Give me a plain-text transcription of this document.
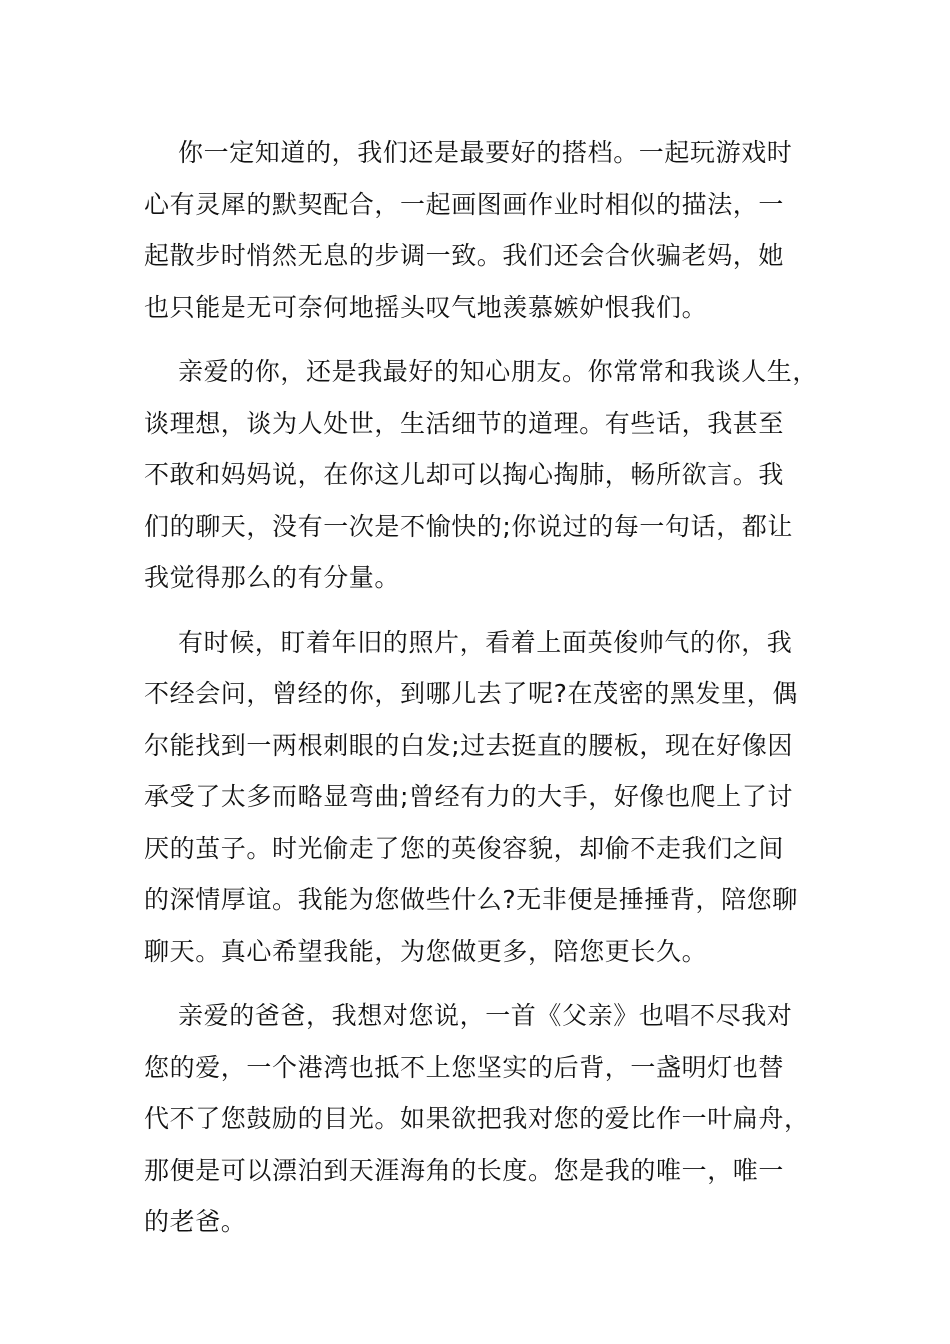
你一定知道的，我们还是最要好的搭档。一起玩游戏时
心有灵犀的默契配合，一起画图画作业时相似的描法，一
起散步时悄然无息的步调一致。我们还会合伙骗老妈，她
也只能是无可奈何地摇头叹气地羡慕嫉妒恨我们。

亲爱的你，还是我最好的知心朋友。你常常和我谈人生，
谈理想，谈为人处世，生活细节的道理。有些话，我甚至
不敢和妈妈说，在你这儿却可以掏心掏肺，畅所欲言。我
们的聊天，没有一次是不愉快的;你说过的每一句话，都让
我觉得那么的有分量。

有时候，盯着年旧的照片，看着上面英俊帅气的你，我
不经会问，曾经的你，到哪儿去了呢?在茂密的黑发里，偶
尔能找到一两根刺眼的白发;过去挺直的腰板，现在好像因
承受了太多而略显弯曲;曾经有力的大手，好像也爬上了讨
厌的茧子。时光偷走了您的英俊容貌，却偷不走我们之间
的深情厚谊。我能为您做些什么?无非便是捶捶背，陪您聊
聊天。真心希望我能，为您做更多，陪您更长久。

亲爱的爸爸，我想对您说，一首《父亲》也唱不尽我对
您的爱，一个港湾也抵不上您坚实的后背，一盏明灯也替
代不了您鼓励的目光。如果欲把我对您的爱比作一叶扁舟，
那便是可以漂泊到天涯海角的长度。您是我的唯一，唯一
的老爸。
